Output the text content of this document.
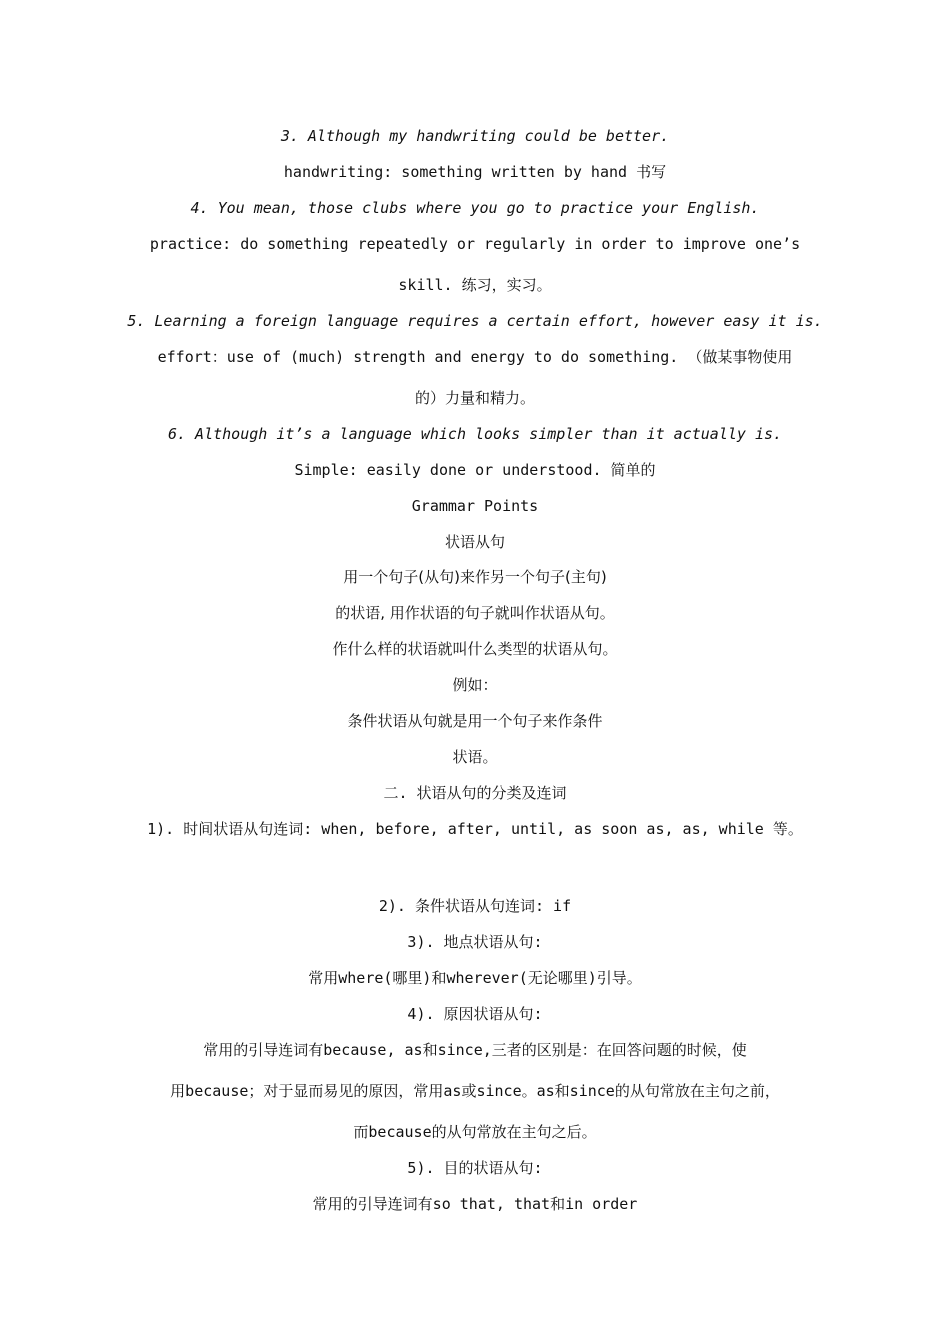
3. Although my handwriting could be better.
handwriting: something written by hand 书写
4. You mean, those clubs where you go to practice your English.
practice: do something repeatedly or regularly in order to improve one’s
skill. 练习，实习。
5. Learning a foreign language requires a certain effort, however easy it is.
effort：use of (much) strength and energy to do something. （做某事物使用
的）力量和精力。
6. Although it’s a language which looks simpler than it actually is.
Simple: easily done or understood. 简单的
Grammar Points
状语从句
用一个句子(从句)来作另一个句子(主句)
的状语, 用作状语的句子就叫作状语从句。
作什么样的状语就叫什么类型的状语从句。
例如：
条件状语从句就是用一个句子来作条件
状语。
二. 状语从句的分类及连词
1). 时间状语从句连词: when, before, after, until, as soon as, as, while 等。
2). 条件状语从句连词: if
3). 地点状语从句:
常用where(哪里)和wherever(无论哪里)引导。
4). 原因状语从句:
常用的引导连词有because, as和since,三者的区别是：在回答问题的时候，使
用because；对于显而易见的原因，常用as或since。as和since的从句常放在主句之前，
而because的从句常放在主句之后。
5). 目的状语从句:
常用的引导连词有so that, that和in order
